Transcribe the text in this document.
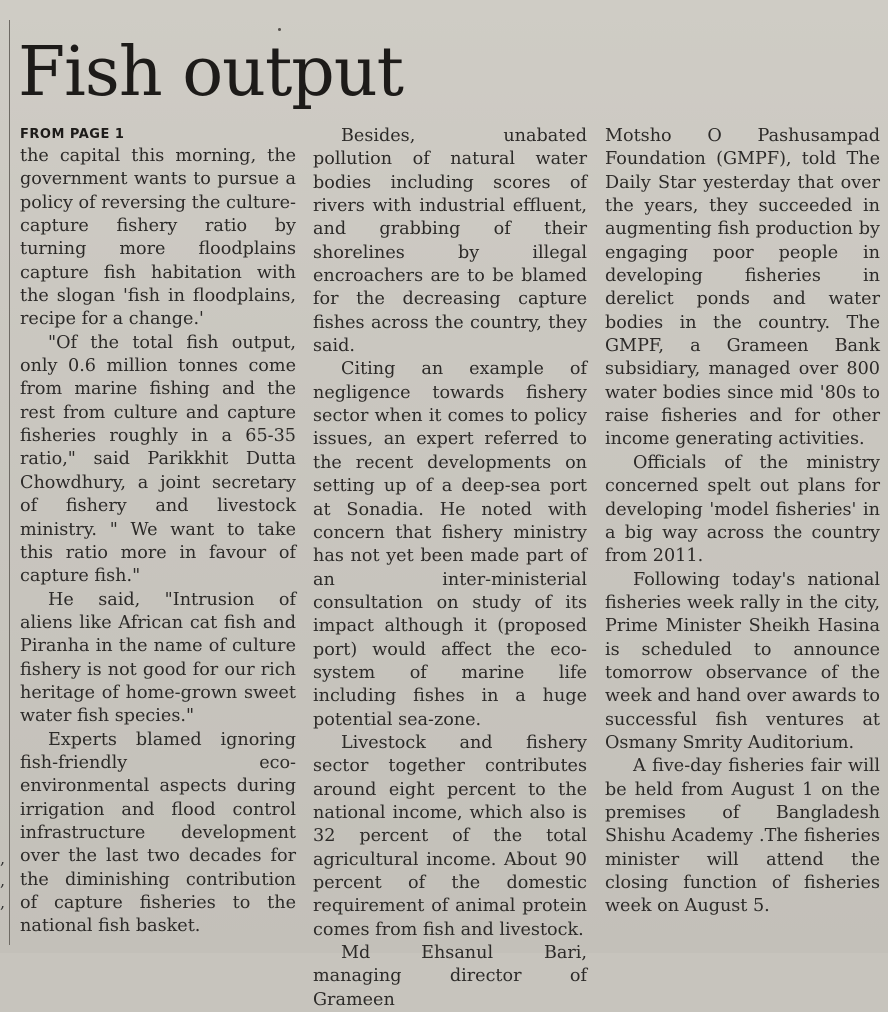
,
,
,
Fish output

FROM PAGE 1

the capital this morning, the government wants to pursue a policy of reversing the culture-capture fishery ratio by turning more floodplains capture fish habitation with the slogan 'fish in floodplains, recipe for a change.'

"Of the total fish output, only 0.6 million tonnes come from marine fishing and the rest from culture and capture fisheries roughly in a 65-35 ratio," said Parikkhit Dutta Chowdhury, a joint secretary of fishery and livestock ministry. " We want to take this ratio more in favour of capture fish."

He said, "Intrusion of aliens like African cat fish and Piranha in the name of culture fishery is not good for our rich heritage of home-grown sweet water fish species."

Experts blamed ignoring fish-friendly eco-environmental aspects during irrigation and flood control infrastructure development over the last two decades for the diminishing contribution of capture fisheries to the national fish basket.

Besides, unabated pollution of natural water bodies including scores of rivers with industrial effluent, and grabbing of their shorelines by illegal encroachers are to be blamed for the decreasing capture fishes across the country, they said.

Citing an example of negligence towards fishery sector when it comes to policy issues, an expert referred to the recent developments on setting up of a deep-sea port at Sonadia. He noted with concern that fishery ministry has not yet been made part of an inter-ministerial consultation on study of its impact although it (proposed port) would affect the eco-system of marine life including fishes in a huge potential sea-zone.

Livestock and fishery sector together contributes around eight percent to the national income, which also is 32 percent of the total agricultural income. About 90 percent of the domestic requirement of animal protein comes from fish and livestock.

Md Ehsanul Bari, managing director of Grameen

Motsho O Pashusampad Foundation (GMPF), told The Daily Star yesterday that over the years, they succeeded in augmenting fish production by engaging poor people in developing fisheries in derelict ponds and water bodies in the country. The GMPF, a Grameen Bank subsidiary, managed over 800 water bodies since mid '80s to raise fisheries and for other income generating activities.

Officials of the ministry concerned spelt out plans for developing 'model fisheries' in a big way across the country from 2011.

Following today's national fisheries week rally in the city, Prime Minister Sheikh Hasina is scheduled to announce tomorrow observance of the week and hand over awards to successful fish ventures at Osmany Smrity Auditorium.

A five-day fisheries fair will be held from August 1 on the premises of Bangladesh Shishu Academy .The fisheries minister will attend the closing function of fisheries week on August 5.
